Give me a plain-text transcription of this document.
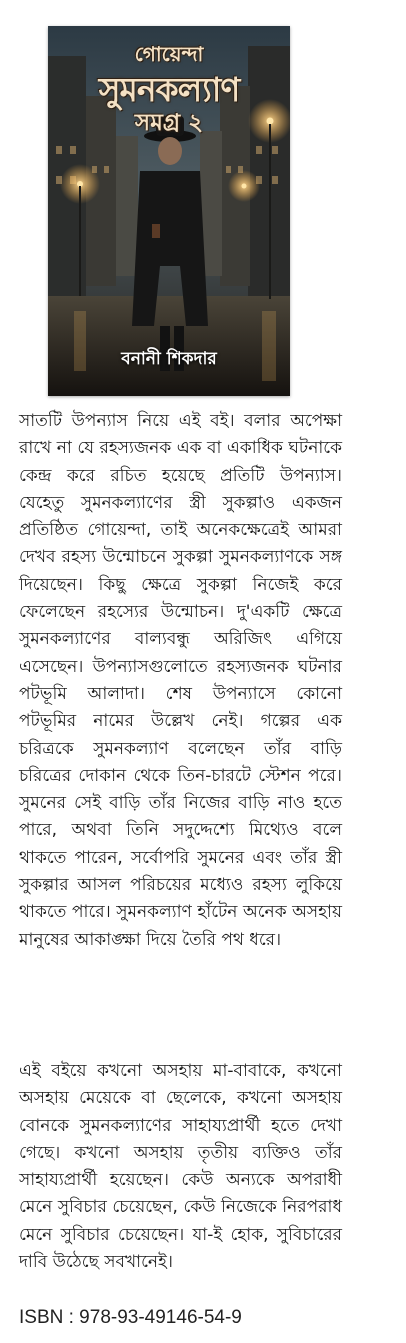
গোয়েন্দা
সুমনকল্যাণ
সমগ্র ২
বনানী শিকদার

সাতটি উপন্যাস নিয়ে এই বই। বলার অপেক্ষা রাখে না যে রহস্যজনক এক বা একাধিক ঘটনাকে কেন্দ্র করে রচিত হয়েছে প্রতিটি উপন্যাস। যেহেতু সুমনকল্যাণের স্ত্রী সুকল্পাও একজন প্রতিষ্ঠিত গোয়েন্দা, তাই অনেকক্ষেত্রেই আমরা দেখব রহস্য উন্মোচনে সুকল্পা সুমনকল্যাণকে সঙ্গ দিয়েছেন। কিছু ক্ষেত্রে সুকল্পা নিজেই করে ফেলেছেন রহস্যের উন্মোচন। দু'একটি ক্ষেত্রে সুমনকল্যাণের বাল্যবন্ধু অরিজিৎ এগিয়ে এসেছেন। উপন্যাসগুলোতে রহস্যজনক ঘটনার পটভূমি আলাদা। শেষ উপন্যাসে কোনো পটভূমির নামের উল্লেখ নেই। গল্পের এক চরিত্রকে সুমনকল্যাণ বলেছেন তাঁর বাড়ি চরিত্রের দোকান থেকে তিন-চারটে স্টেশন পরে। সুমনের সেই বাড়ি তাঁর নিজের বাড়ি নাও হতে পারে, অথবা তিনি সদুদ্দেশ্যে মিথ্যেও বলে থাকতে পারেন, সর্বোপরি সুমনের এবং তাঁর স্ত্রী সুকল্পার আসল পরিচয়ের মধ্যেও রহস্য লুকিয়ে থাকতে পারে। সুমনকল্যাণ হাঁটেন অনেক অসহায় মানুষের আকাঙ্ক্ষা দিয়ে তৈরি পথ ধরে।

এই বইয়ে কখনো অসহায় মা-বাবাকে, কখনো অসহায় মেয়েকে বা ছেলেকে, কখনো অসহায় বোনকে সুমনকল্যাণের সাহায্যপ্রার্থী হতে দেখা গেছে। কখনো অসহায় তৃতীয় ব্যক্তিও তাঁর সাহায্যপ্রার্থী হয়েছেন। কেউ অন্যকে অপরাধী মেনে সুবিচার চেয়েছেন, কেউ নিজেকে নিরপরাধ মেনে সুবিচার চেয়েছেন। যা-ই হোক, সুবিচারের দাবি উঠেছে সবখানেই।

ISBN : 978-93-49146-54-9
